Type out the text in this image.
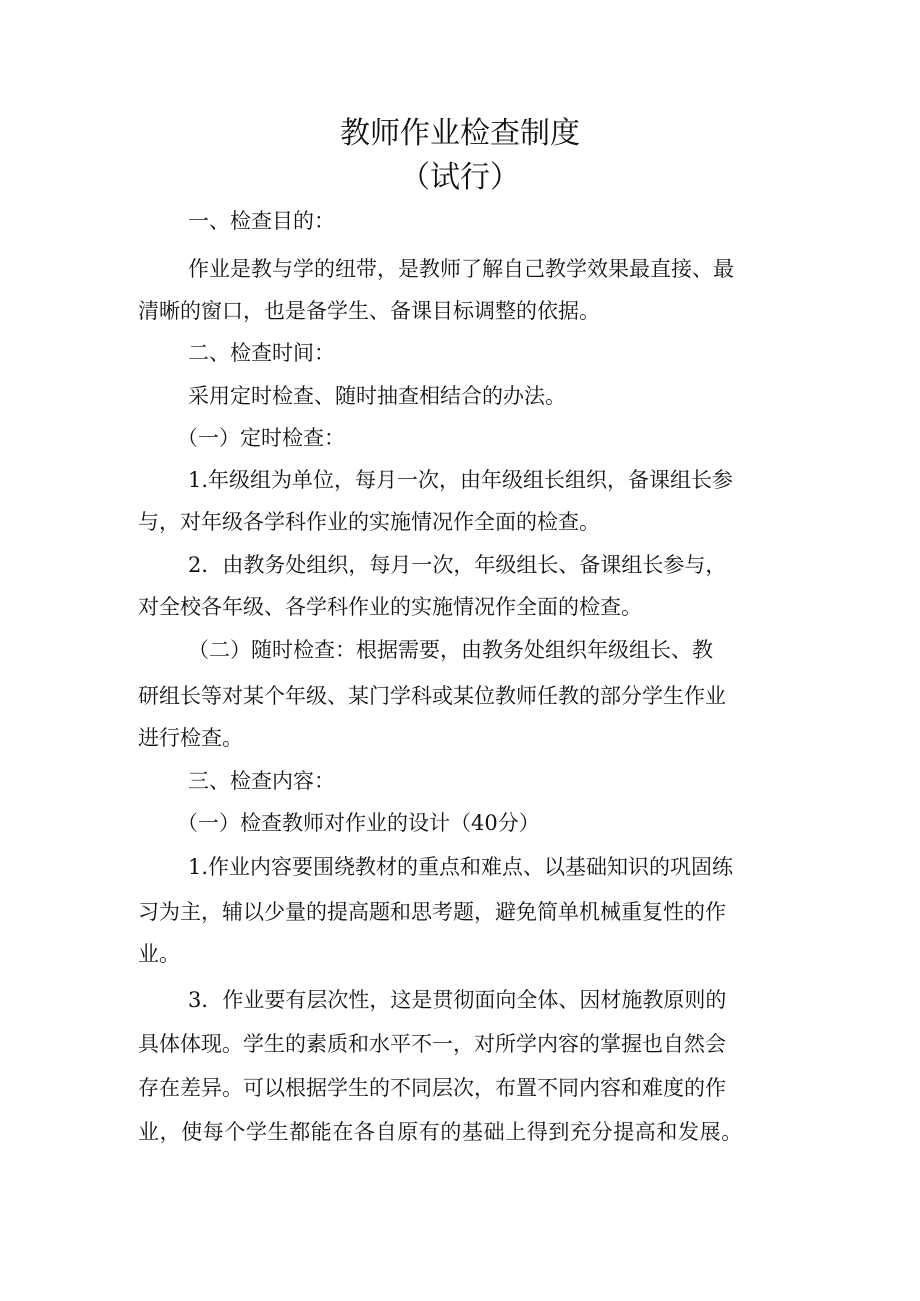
教师作业检查制度
（试行）
一、检查目的：
作业是教与学的纽带，是教师了解自己教学效果最直接、最
清晰的窗口，也是备学生、备课目标调整的依据。
二、检查时间：
采用定时检查、随时抽查相结合的办法。
（一）定时检查：
1.年级组为单位，每月一次，由年级组长组织，备课组长参
与，对年级各学科作业的实施情况作全面的检查。
2．由教务处组织，每月一次，年级组长、备课组长参与，
对全校各年级、各学科作业的实施情况作全面的检查。
（二）随时检查：根据需要，由教务处组织年级组长、教
研组长等对某个年级、某门学科或某位教师任教的部分学生作业
进行检查。
三、检查内容：
（一）检查教师对作业的设计（40分）
1.作业内容要围绕教材的重点和难点、以基础知识的巩固练
习为主，辅以少量的提高题和思考题，避免简单机械重复性的作
业。
3．作业要有层次性，这是贯彻面向全体、因材施教原则的
具体体现。学生的素质和水平不一，对所学内容的掌握也自然会
存在差异。可以根据学生的不同层次，布置不同内容和难度的作
业，使每个学生都能在各自原有的基础上得到充分提高和发展。
